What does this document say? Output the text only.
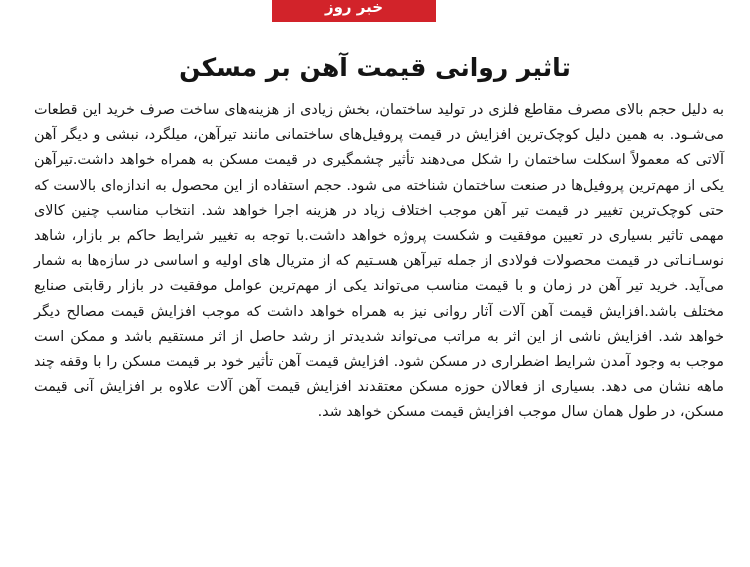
خبر روز
تاثیر روانی قیمت آهن بر مسکن

به دلیل حجم بالای مصرف مقاطع فلزی در تولید ساختمان، بخش زیادی از هزینه‌های ساخت صرف خرید این قطعات می‌شـود. به همین دلیل کوچک‌ترین افزایش در قیمت پروفیل‌های ساختمانی مانند تیرآهن، میلگرد، نبشی و دیگر آهن آلاتی که معمولاً اسکلت ساختمان را شکل می‌دهند تأثیر چشمگیری در قیمت مسکن به همراه خواهد داشت.تیرآهن یکی از مهم‌ترین پروفیل‌ها در صنعت ساختمان شناخته می‌ شود. حجم استفاده از این محصول به اندازه‌ای بالاست که حتی کوچک‌ترین تغییر در قیمت تیر آهن موجب اختلاف زیاد در هزینه اجرا خواهد شد. انتخاب مناسب چنین کالای مهمی تاثیر بسیاری در تعیین موفقیت و شکست پروژه خواهد داشت.با توجه به تغییر شرایط حاکم بر بازار، شاهد نوسـانـاتی در قیمت محصولات فولادی از جمله تیرآهن هسـتیم که از متریال های اولیه و اساسی در سازه‌ها به شمار می‌آید. خرید تیر آهن در زمان و با قیمت مناسب می‌تواند یکی از مهم‌ترین عوامل موفقیت در بازار رقابتی صنایع مختلف باشد.افزایش قیمت آهن آلات آثار روانی نیز به همراه خواهد داشت که موجب افزایش قیمت مصالح دیگر خواهد شد. افزایش ناشی از این اثر به مراتب می‌تواند شدیدتر از رشد حاصل از اثر مستقیم باشد و ممکن است موجب به وجود آمدن شرایط اضطراری در مسکن شود. افزایش قیمت آهن تأثیر خود بر قیمت مسکن را با وقفه چند ماهه نشان می دهد. بسیاری از فعالان حوزه مسکن معتقدند افزایش قیمت آهن آلات علاوه بر افزایش آنی قیمت مسکن، در طول همان سال موجب افزایش قیمت مسکن خواهد شد.
